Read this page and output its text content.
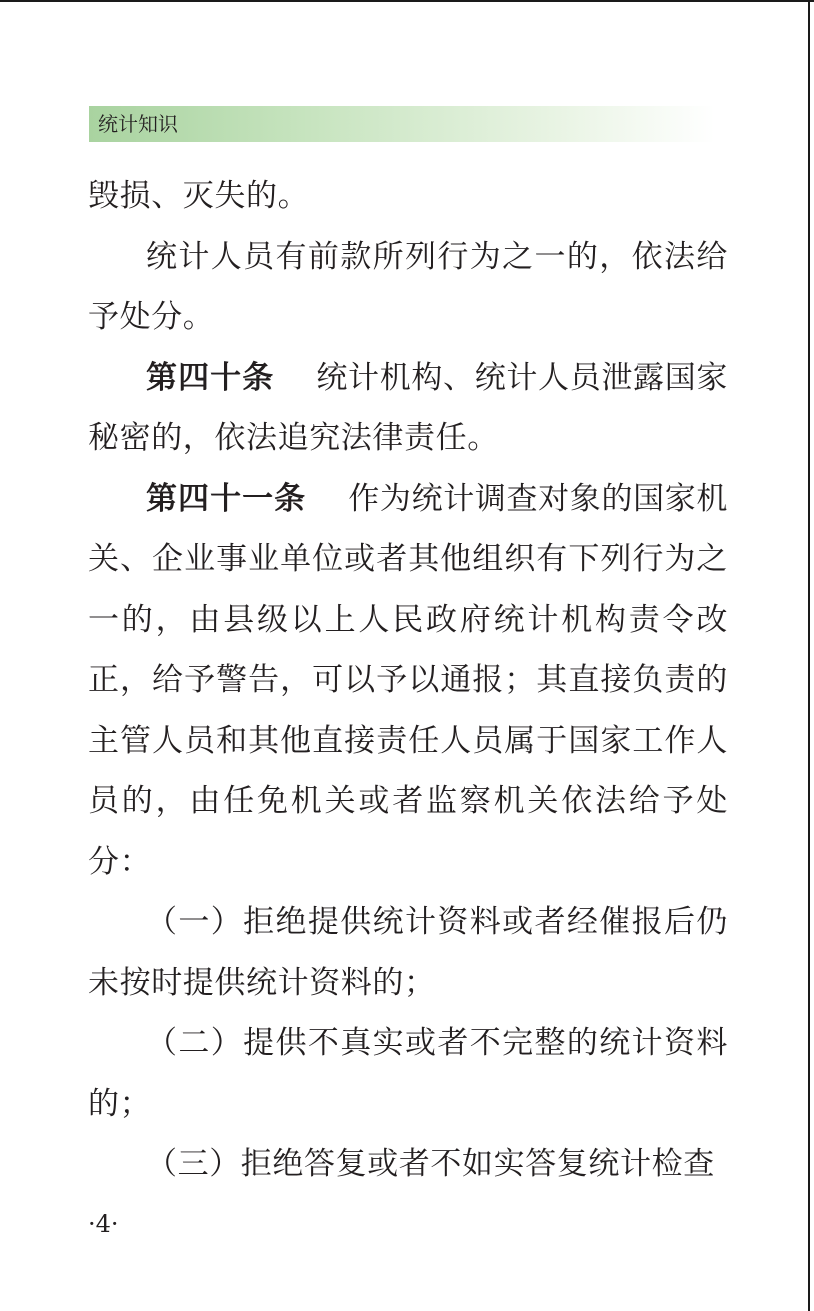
统计知识

毁损、灭失的。

统计人员有前款所列行为之一的，依法给予处分。

第四十条 统计机构、统计人员泄露国家秘密的，依法追究法律责任。

第四十一条 作为统计调查对象的国家机关、企业事业单位或者其他组织有下列行为之一的，由县级以上人民政府统计机构责令改正，给予警告，可以予以通报；其直接负责的主管人员和其他直接责任人员属于国家工作人员的，由任免机关或者监察机关依法给予处分：

（一）拒绝提供统计资料或者经催报后仍未按时提供统计资料的；

（二）提供不真实或者不完整的统计资料的；

（三）拒绝答复或者不如实答复统计检查

·4·
